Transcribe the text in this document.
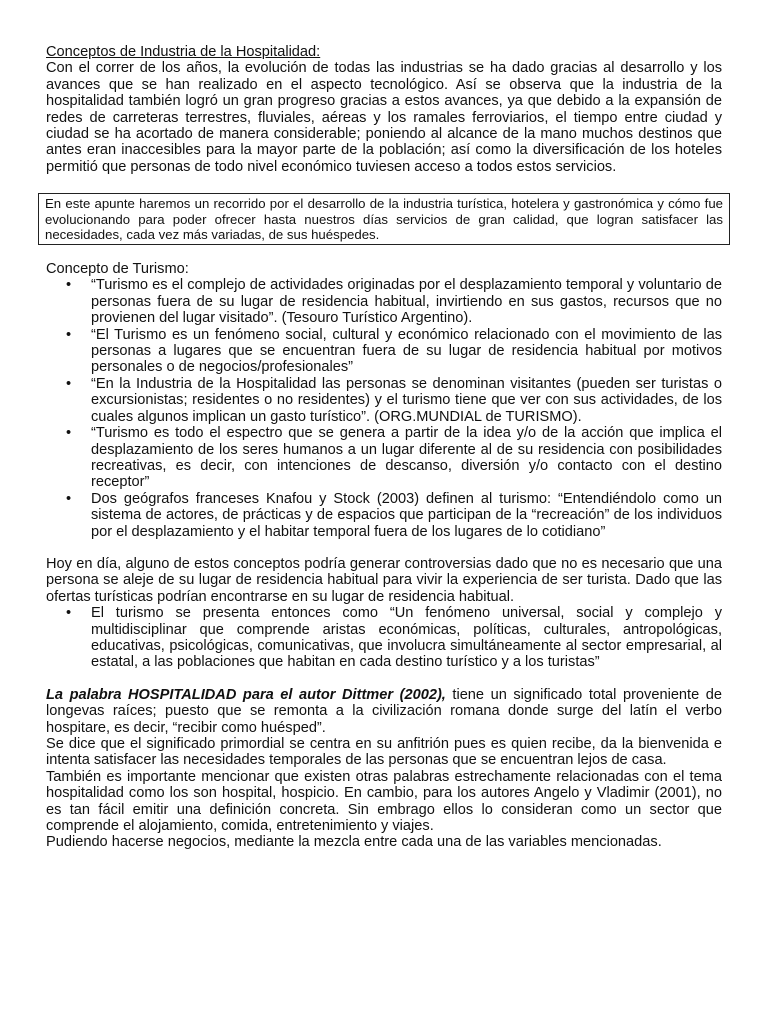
Conceptos de Industria de la Hospitalidad:

Con el correr de los años, la evolución de todas las industrias se ha dado gracias al desarrollo y los avances que se han realizado en el aspecto tecnológico. Así se observa que la industria de la hospitalidad también logró un gran progreso gracias a estos avances, ya que debido a la expansión de redes de carreteras terrestres, fluviales, aéreas y los ramales ferroviarios, el tiempo entre ciudad y ciudad se ha acortado de manera considerable; poniendo al alcance de la mano muchos destinos que antes eran inaccesibles para la mayor parte de la población; así como la diversificación de los hoteles permitió que personas de todo nivel económico tuviesen acceso a todos estos servicios.

En este apunte haremos un recorrido por el desarrollo de la industria turística, hotelera y gastronómica y cómo fue evolucionando para poder ofrecer hasta nuestros días servicios de gran calidad, que logran satisfacer las necesidades, cada vez más variadas, de sus huéspedes.

Concepto de Turismo:

• “Turismo es el complejo de actividades originadas por el desplazamiento temporal y voluntario de personas fuera de su lugar de residencia habitual, invirtiendo en sus gastos, recursos que no provienen del lugar visitado”. (Tesouro Turístico Argentino).
• “El Turismo es un fenómeno social, cultural y económico relacionado con el movimiento de las personas a lugares que se encuentran fuera de su lugar de residencia habitual por motivos personales o de negocios/profesionales”
• “En la Industria de la Hospitalidad las personas se denominan visitantes (pueden ser turistas o excursionistas; residentes o no residentes) y el turismo tiene que ver con sus actividades, de los cuales algunos implican un gasto turístico”. (ORG.MUNDIAL de TURISMO).
• “Turismo es todo el espectro que se genera a partir de la idea y/o de la acción que implica el desplazamiento de los seres humanos a un lugar diferente al de su residencia con posibilidades recreativas, es decir, con intenciones de descanso, diversión y/o contacto con el destino receptor”
• Dos geógrafos franceses Knafou y Stock (2003) definen al turismo: “Entendiéndolo como un sistema de actores, de prácticas y de espacios que participan de la “recreación” de los individuos por el desplazamiento y el habitar temporal fuera de los lugares de lo cotidiano”

Hoy en día, alguno de estos conceptos podría generar controversias dado que no es necesario que una persona se aleje de su lugar de residencia habitual para vivir la experiencia de ser turista. Dado que las ofertas turísticas podrían encontrarse en su lugar de residencia habitual.

• El turismo se presenta entonces como “Un fenómeno universal, social y complejo y multidisciplinar que comprende aristas económicas, políticas, culturales, antropológicas, educativas, psicológicas, comunicativas, que involucra simultáneamente al sector empresarial, al estatal, a las poblaciones que habitan en cada destino turístico y a los turistas”

La palabra HOSPITALIDAD para el autor Dittmer (2002), tiene un significado total proveniente de longevas raíces; puesto que se remonta a la civilización romana donde surge del latín el verbo hospitare, es decir, “recibir como huésped”.

Se dice que el significado primordial se centra en su anfitrión pues es quien recibe, da la bienvenida e intenta satisfacer las necesidades temporales de las personas que se encuentran lejos de casa.

También es importante mencionar que existen otras palabras estrechamente relacionadas con el tema hospitalidad como los son hospital, hospicio. En cambio, para los autores Angelo y Vladimir (2001), no es tan fácil emitir una definición concreta. Sin embrago ellos lo consideran como un sector que comprende el alojamiento, comida, entretenimiento y viajes.

Pudiendo hacerse negocios, mediante la mezcla entre cada una de las variables mencionadas.
